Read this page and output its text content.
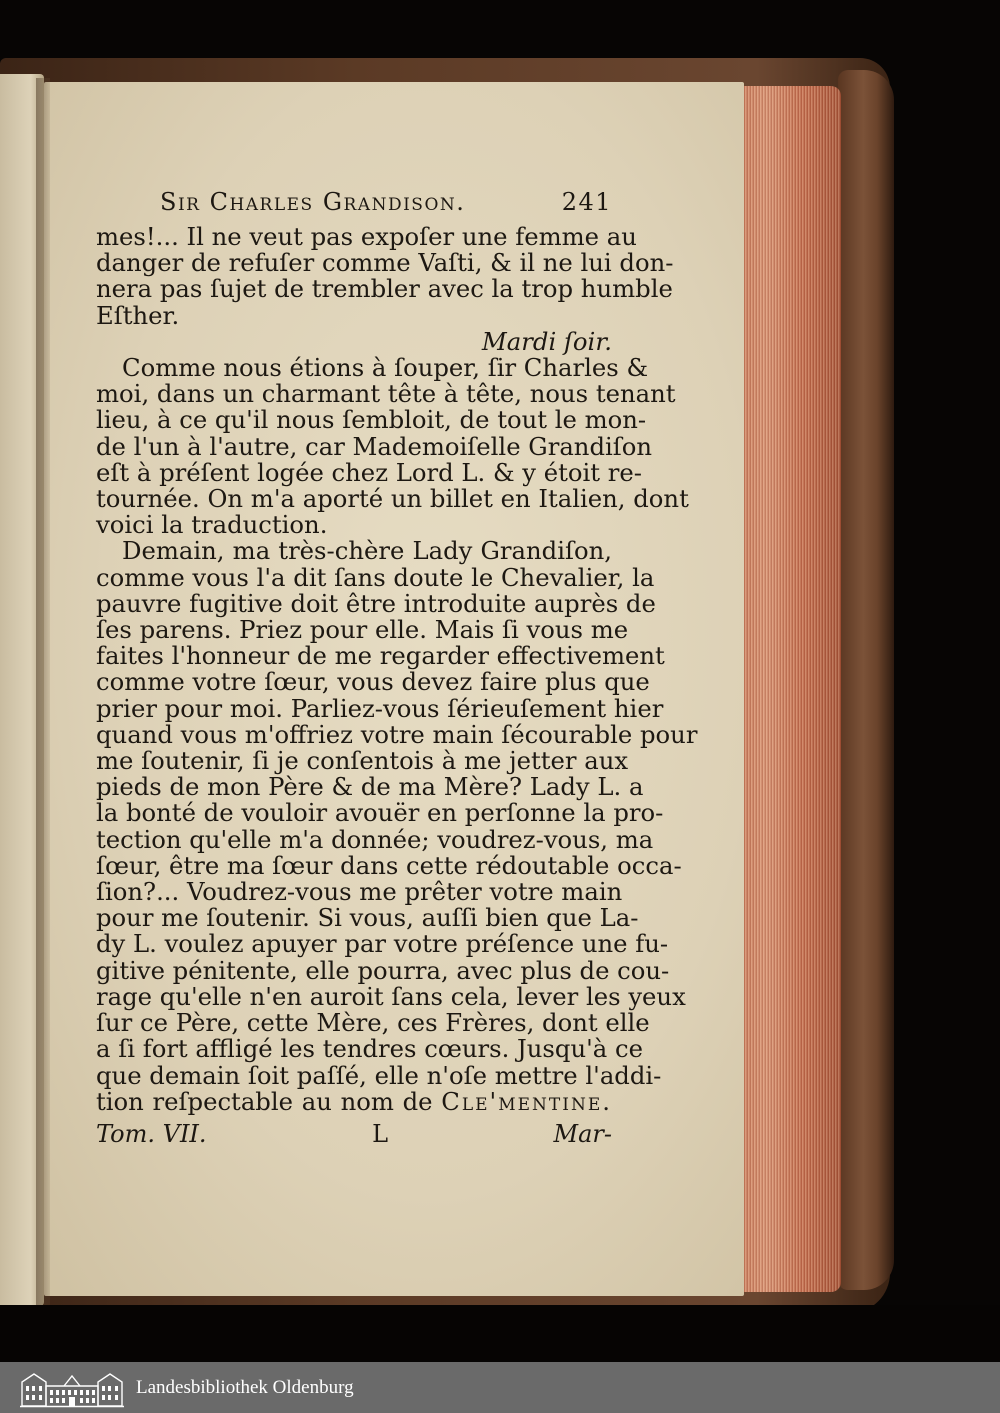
Sir Charles Grandison.	241
mes!... Il ne veut pas expoſer une femme au
danger de refuſer comme Vaſti, & il ne lui don-
nera pas ſujet de trembler avec la trop humble
Eſther.
Mardi ſoir.
Comme nous étions à ſouper, ſir Charles &
moi, dans un charmant tête à tête, nous tenant
lieu, à ce qu'il nous ſembloit, de tout le mon-
de l'un à l'autre, car Mademoiſelle Grandiſon
eſt à préſent logée chez Lord L. & y étoit re-
tournée. On m'a aporté un billet en Italien, dont
voici la traduction.
Demain, ma très-chère Lady Grandiſon,
comme vous l'a dit ſans doute le Chevalier, la
pauvre fugitive doit être introduite auprès de
ſes parens. Priez pour elle. Mais ſi vous me
faites l'honneur de me regarder effectivement
comme votre ſœur, vous devez faire plus que
prier pour moi. Parliez-vous ſérieuſement hier
quand vous m'offriez votre main ſécourable pour
me ſoutenir, ſi je conſentois à me jetter aux
pieds de mon Père & de ma Mère? Lady L. a
la bonté de vouloir avouër en perſonne la pro-
tection qu'elle m'a donnée; voudrez-vous, ma
ſœur, être ma ſœur dans cette rédoutable occa-
ſion?... Voudrez-vous me prêter votre main
pour me ſoutenir. Si vous, auſſi bien que La-
dy L. voulez apuyer par votre préſence une fu-
gitive pénitente, elle pourra, avec plus de cou-
rage qu'elle n'en auroit ſans cela, lever les yeux
ſur ce Père, cette Mère, ces Frères, dont elle
a ſi fort affligé les tendres cœurs. Jusqu'à ce
que demain ſoit paſſé, elle n'oſe mettre l'addi-
tion reſpectable au nom de Cle'mentine.
Tom. VII.	L	Mar-
Landesbibliothek Oldenburg
